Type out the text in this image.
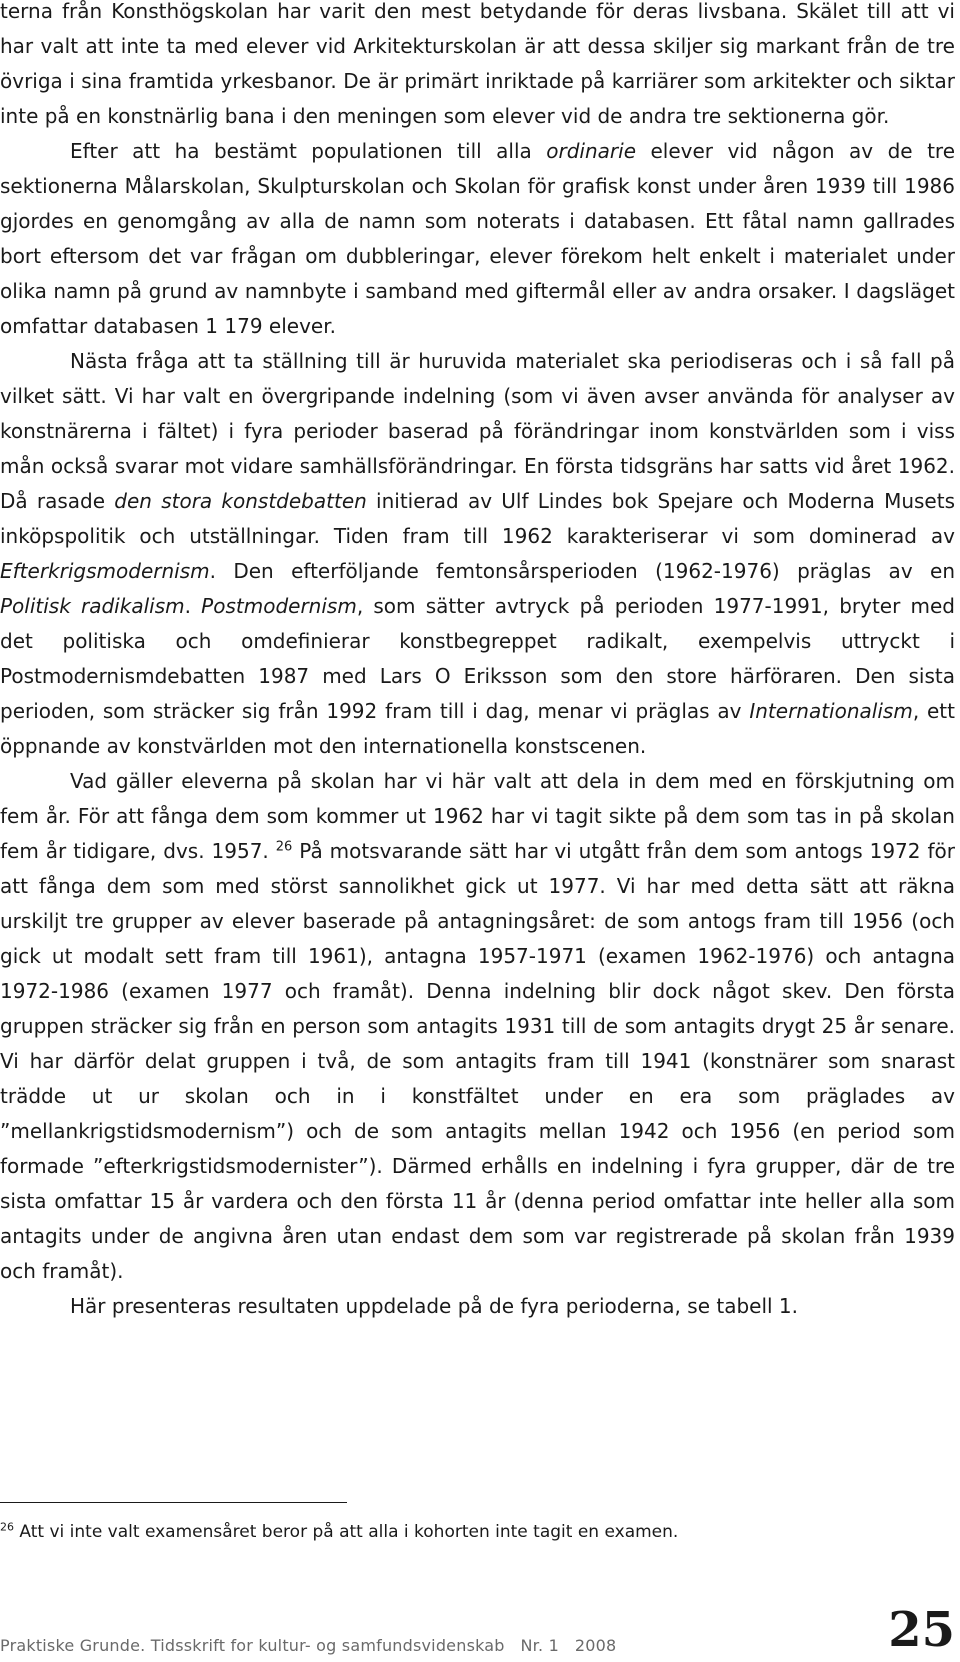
terna från Konsthögskolan har varit den mest betydande för deras livsbana. Skälet till att vi har valt att inte ta med elever vid Arkitekturskolan är att dessa skiljer sig markant från de tre övriga i sina framtida yrkesbanor. De är primärt inriktade på karriärer som arkitekter och siktar inte på en konstnärlig bana i den meningen som elever vid de andra tre sektionerna gör.

Efter att ha bestämt populationen till alla ordinarie elever vid någon av de tre sektionerna Målarskolan, Skulpturskolan och Skolan för grafisk konst under åren 1939 till 1986 gjordes en genomgång av alla de namn som noterats i databasen. Ett fåtal namn gallrades bort eftersom det var frågan om dubbleringar, elever förekom helt enkelt i materialet under olika namn på grund av namnbyte i samband med giftermål eller av andra orsaker. I dagsläget omfattar databasen 1 179 elever.

Nästa fråga att ta ställning till är huruvida materialet ska periodiseras och i så fall på vilket sätt. Vi har valt en övergripande indelning (som vi även avser använda för analyser av konstnärerna i fältet) i fyra perioder baserad på förändringar inom konstvärlden som i viss mån också svarar mot vidare samhällsförändringar. En första tidsgräns har satts vid året 1962. Då rasade den stora konstdebatten initierad av Ulf Lindes bok Spejare och Moderna Musets inköpspolitik och utställningar. Tiden fram till 1962 karakteriserar vi som dominerad av Efterkrigsmodernism. Den efterföljande femtonsårsperioden (1962-1976) präglas av en Politisk radikalism. Postmodernism, som sätter avtryck på perioden 1977-1991, bryter med det politiska och omdefinierar konstbegreppet radikalt, exempelvis uttryckt i Postmodernismdebatten 1987 med Lars O Eriksson som den store härföraren. Den sista perioden, som sträcker sig från 1992 fram till i dag, menar vi präglas av Internationalism, ett öppnande av konstvärlden mot den internationella konstscenen.

Vad gäller eleverna på skolan har vi här valt att dela in dem med en förskjutning om fem år. För att fånga dem som kommer ut 1962 har vi tagit sikte på dem som tas in på skolan fem år tidigare, dvs. 1957. $^{26}$ På motsvarande sätt har vi utgått från dem som antogs 1972 för att fånga dem som med störst sannolikhet gick ut 1977. Vi har med detta sätt att räkna urskiljt tre grupper av elever baserade på antagningsåret: de som antogs fram till 1956 (och gick ut modalt sett fram till 1961), antagna 1957-1971 (examen 1962-1976) och antagna 1972-1986 (examen 1977 och framåt). Denna indelning blir dock något skev. Den första gruppen sträcker sig från en person som antagits 1931 till de som antagits drygt 25 år senare. Vi har därför delat gruppen i två, de som antagits fram till 1941 (konstnärer som snarast trädde ut ur skolan och in i konstfältet under en era som präglades av ”mellankrigstidsmodernism”) och de som antagits mellan 1942 och 1956 (en period som formade ”efterkrigstidsmodernister”). Därmed erhålls en indelning i fyra grupper, där de tre sista omfattar 15 år vardera och den första 11 år (denna period omfattar inte heller alla som antagits under de angivna åren utan endast dem som var registrerade på skolan från 1939 och framåt).

Här presenteras resultaten uppdelade på de fyra perioderna, se tabell 1.

$^{26}$ Att vi inte valt examensåret beror på att alla i kohorten inte tagit en examen.
Praktiske Grunde. Tidsskrift for kultur- og samfundsvidenskab Nr. 1 2008	25
